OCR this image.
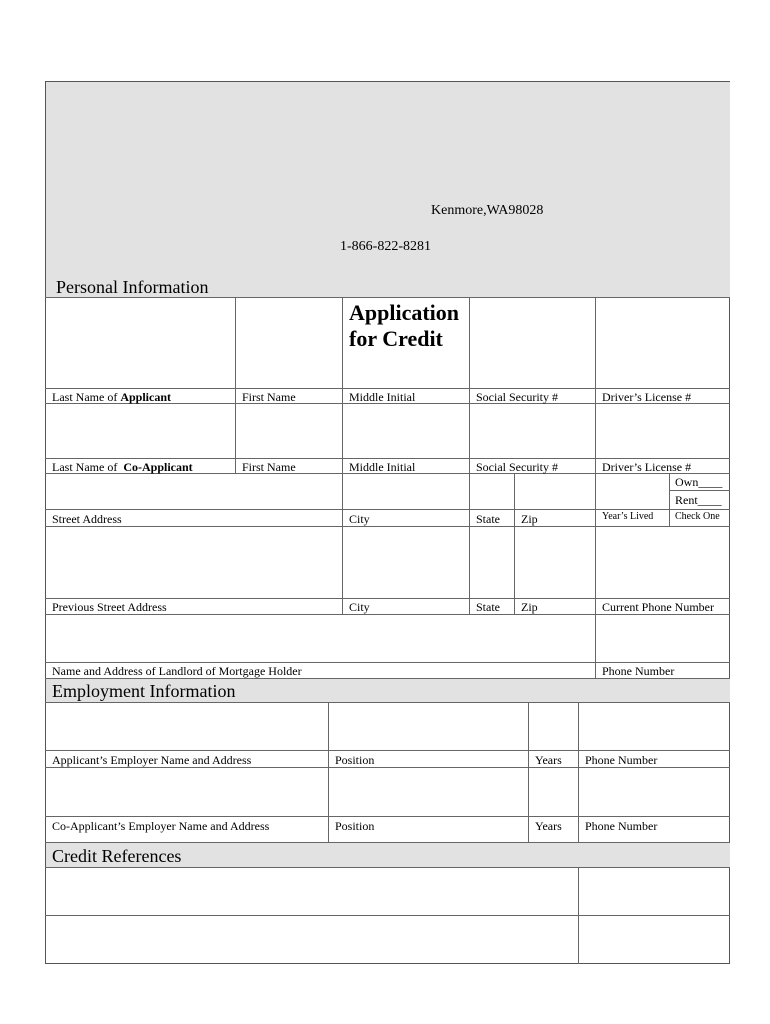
Kenmore,WA98028
1-866-822-8281
Personal Information
Application
for Credit
Last Name of Applicant	First Name	Middle Initial	Social Security #	Driver’s License #
Last Name of  Co-Applicant	First Name	Middle Initial	Social Security #	Driver’s License #
Own____
Rent____
Street Address	City	State Zip	Year’s Lived Check One
Previous Street Address	City	State Zip	Current Phone Number
Name and Address of Landlord of Mortgage Holder	Phone Number
Employment Information
Applicant’s Employer Name and Address	Position	Years Phone Number
Co-Applicant’s Employer Name and Address	Position	Years Phone Number
Credit References
